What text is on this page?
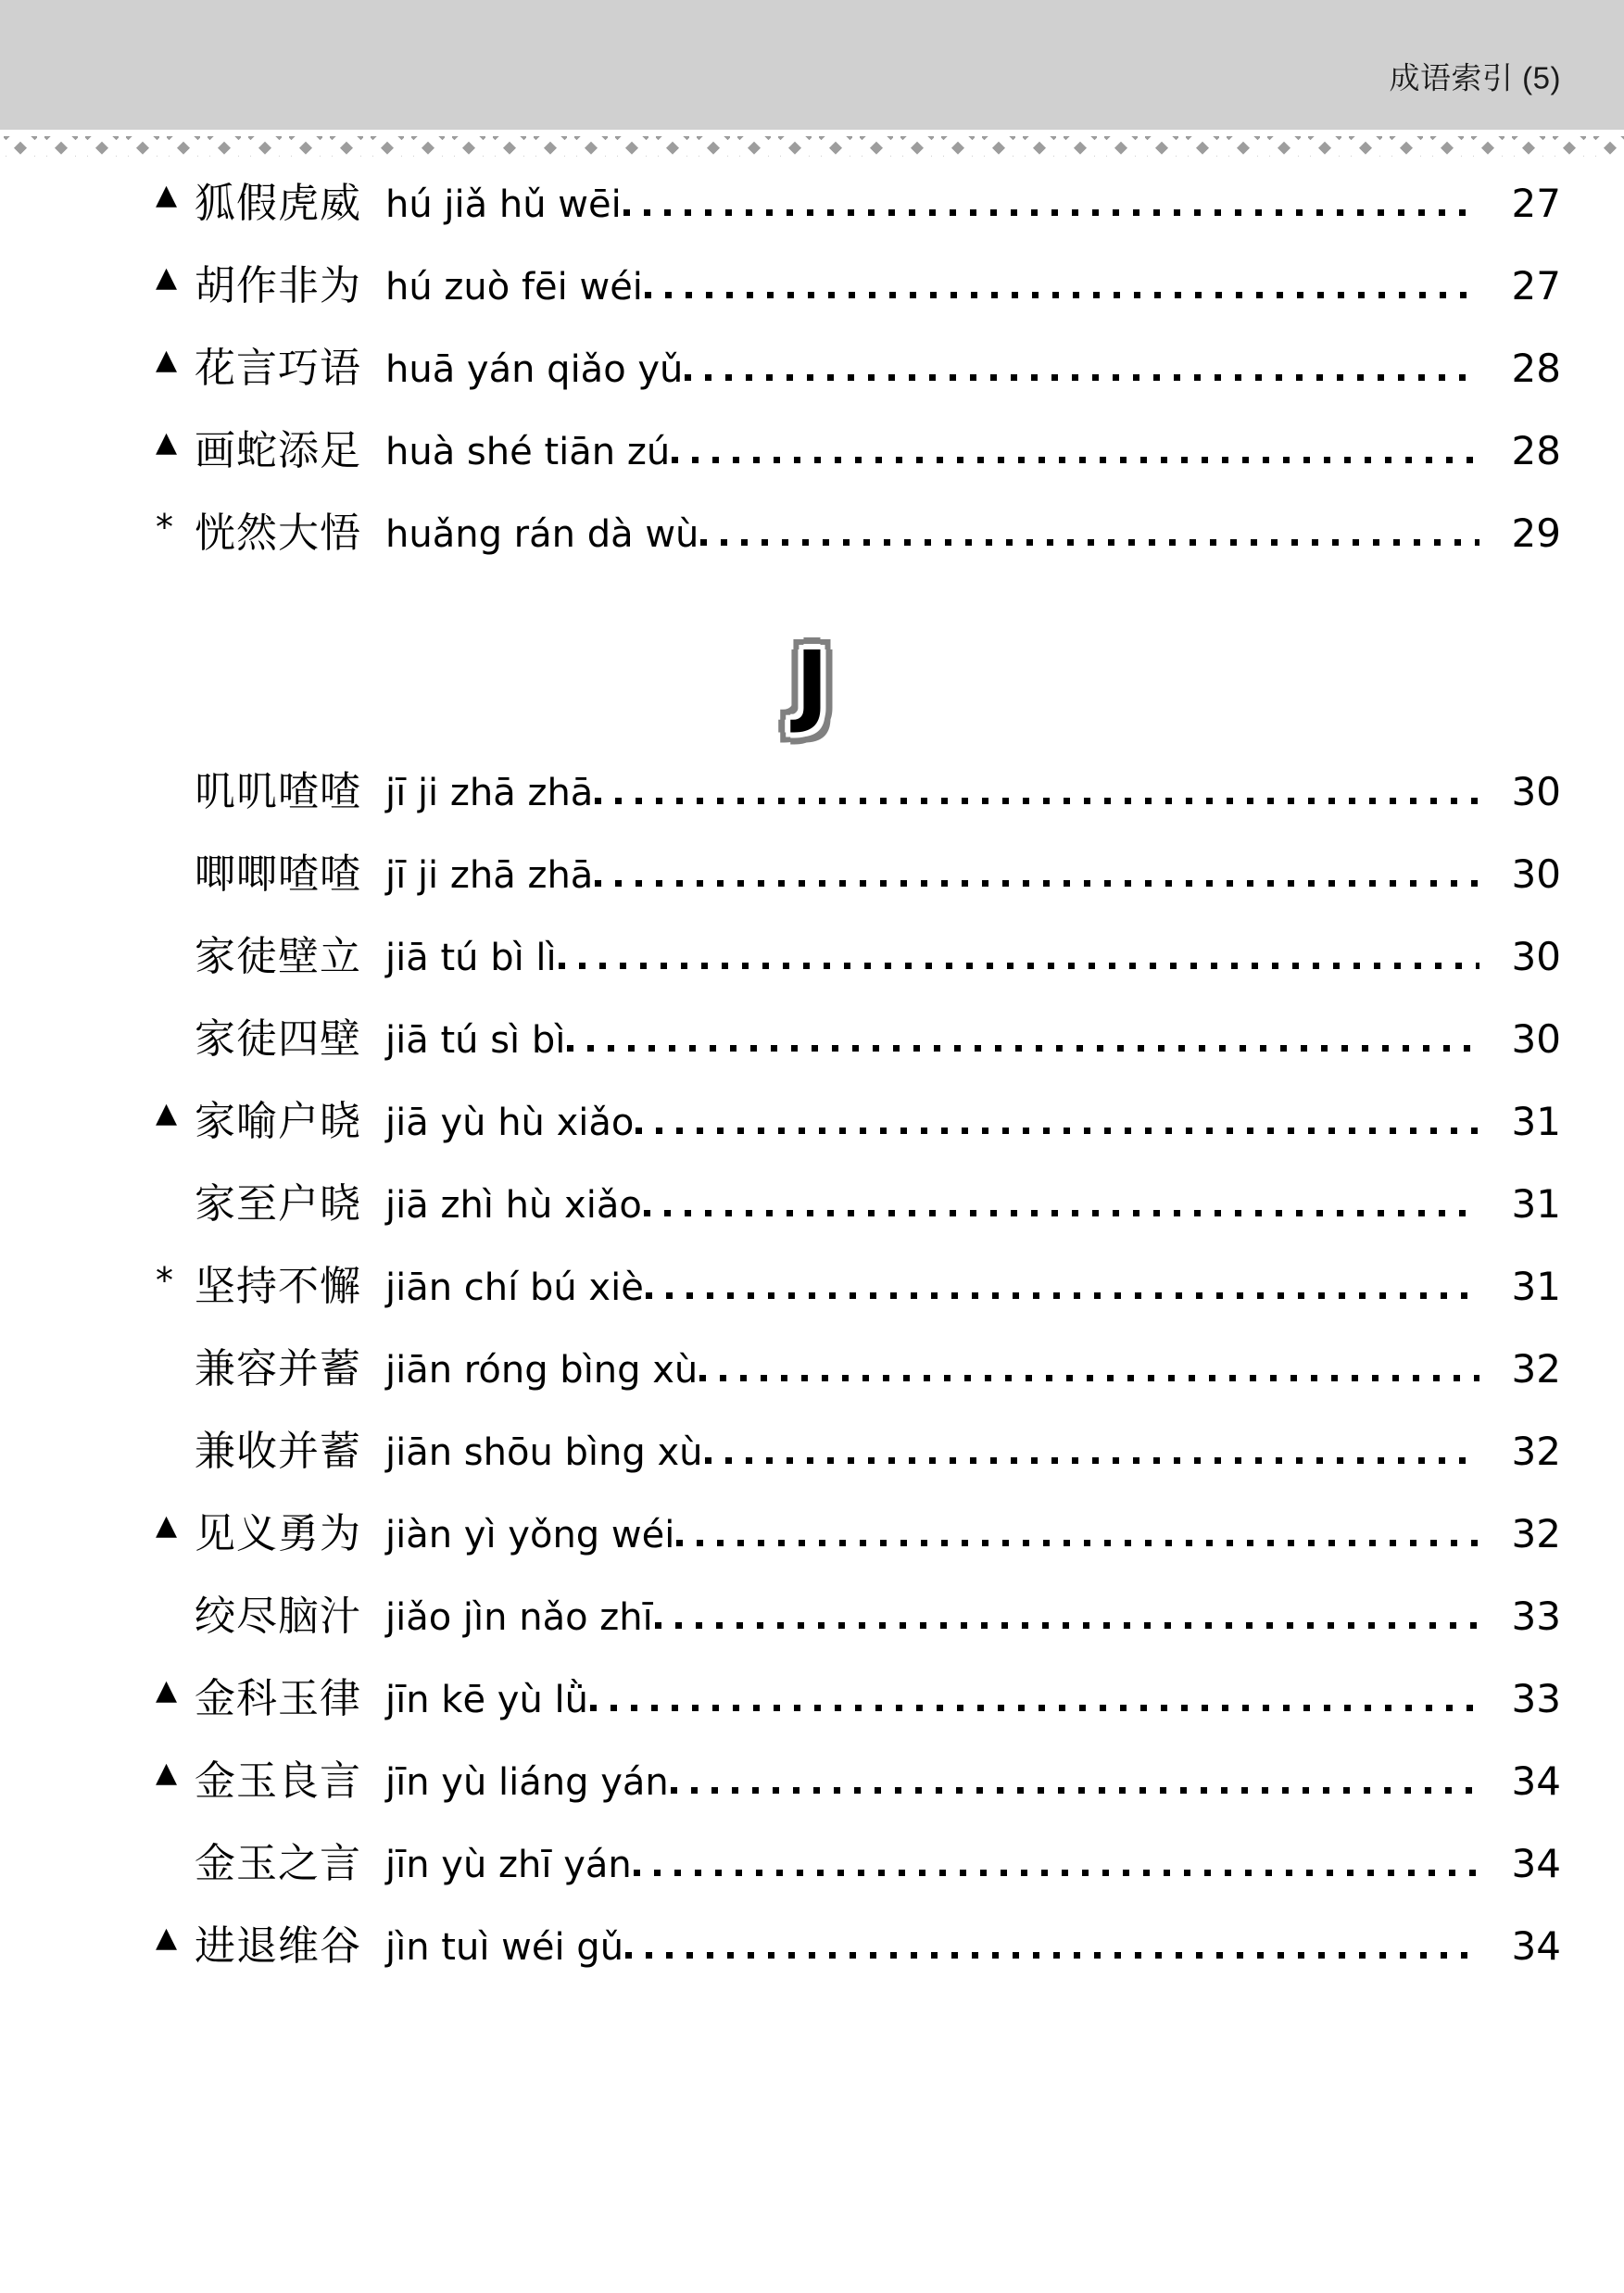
成语索引 (5)
▲ 狐假虎威 hú jiǎ hǔ wēi	27
▲ 胡作非为 hú zuò fēi wéi	27
▲ 花言巧语 huā yán qiǎo yǔ	28
▲ 画蛇添足 huà shé tiān zú	28
* 恍然大悟 huǎng rán dà wù	29
J

叽叽喳喳 jī ji zhā zhā	30

唧唧喳喳 jī ji zhā zhā	30

家徒壁立 jiā tú bì lì	30

家徒四壁 jiā tú sì bì	30
▲ 家喻户晓 jiā yù hù xiǎo	31

家至户晓 jiā zhì hù xiǎo	31
* 坚持不懈 jiān chí bú xiè	31

兼容并蓄 jiān róng bìng xù	32

兼收并蓄 jiān shōu bìng xù	32
▲ 见义勇为 jiàn yì yǒng wéi	32

绞尽脑汁 jiǎo jìn nǎo zhī	33
▲ 金科玉律 jīn kē yù lǜ	33
▲ 金玉良言 jīn yù liáng yán	34

金玉之言 jīn yù zhī yán	34
▲ 进退维谷 jìn tuì wéi gǔ	34
